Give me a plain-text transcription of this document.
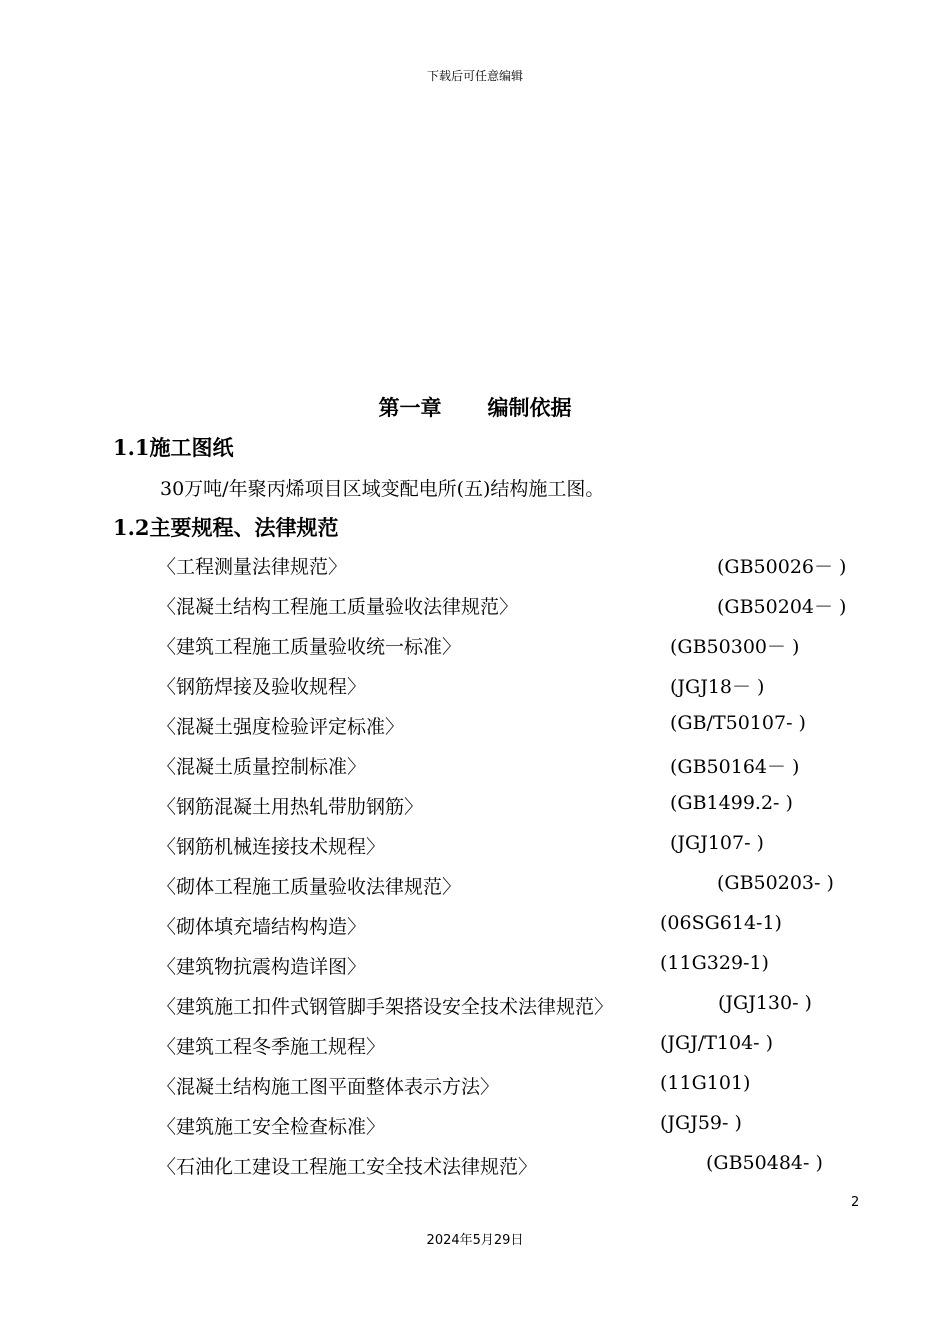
下载后可任意编辑
第一章 编制依据
1.1施工图纸
30万吨/年聚丙烯项目区域变配电所(五)结构施工图。
1.2主要规程、法律规范
〈工程测量法律规范〉	(GB50026－ )
〈混凝土结构工程施工质量验收法律规范〉	(GB50204－ )
〈建筑工程施工质量验收统一标准〉	(GB50300－ )
〈钢筋焊接及验收规程〉	(JGJ18－ )
〈混凝土强度检验评定标准〉	(GB/T50107- )
〈混凝土质量控制标准〉	(GB50164－ )
〈钢筋混凝土用热轧带肋钢筋〉	(GB1499.2- )
〈钢筋机械连接技术规程〉	(JGJ107- )
〈砌体工程施工质量验收法律规范〉	(GB50203- )
〈砌体填充墙结构构造〉	(06SG614-1)
〈建筑物抗震构造详图〉	(11G329-1)
〈建筑施工扣件式钢管脚手架搭设安全技术法律规范〉	(JGJ130- )
〈建筑工程冬季施工规程〉	(JGJ/T104- )
〈混凝土结构施工图平面整体表示方法〉	(11G101)
〈建筑施工安全检查标准〉	(JGJ59- )
〈石油化工建设工程施工安全技术法律规范〉	(GB50484- )
2
2024年5月29日
